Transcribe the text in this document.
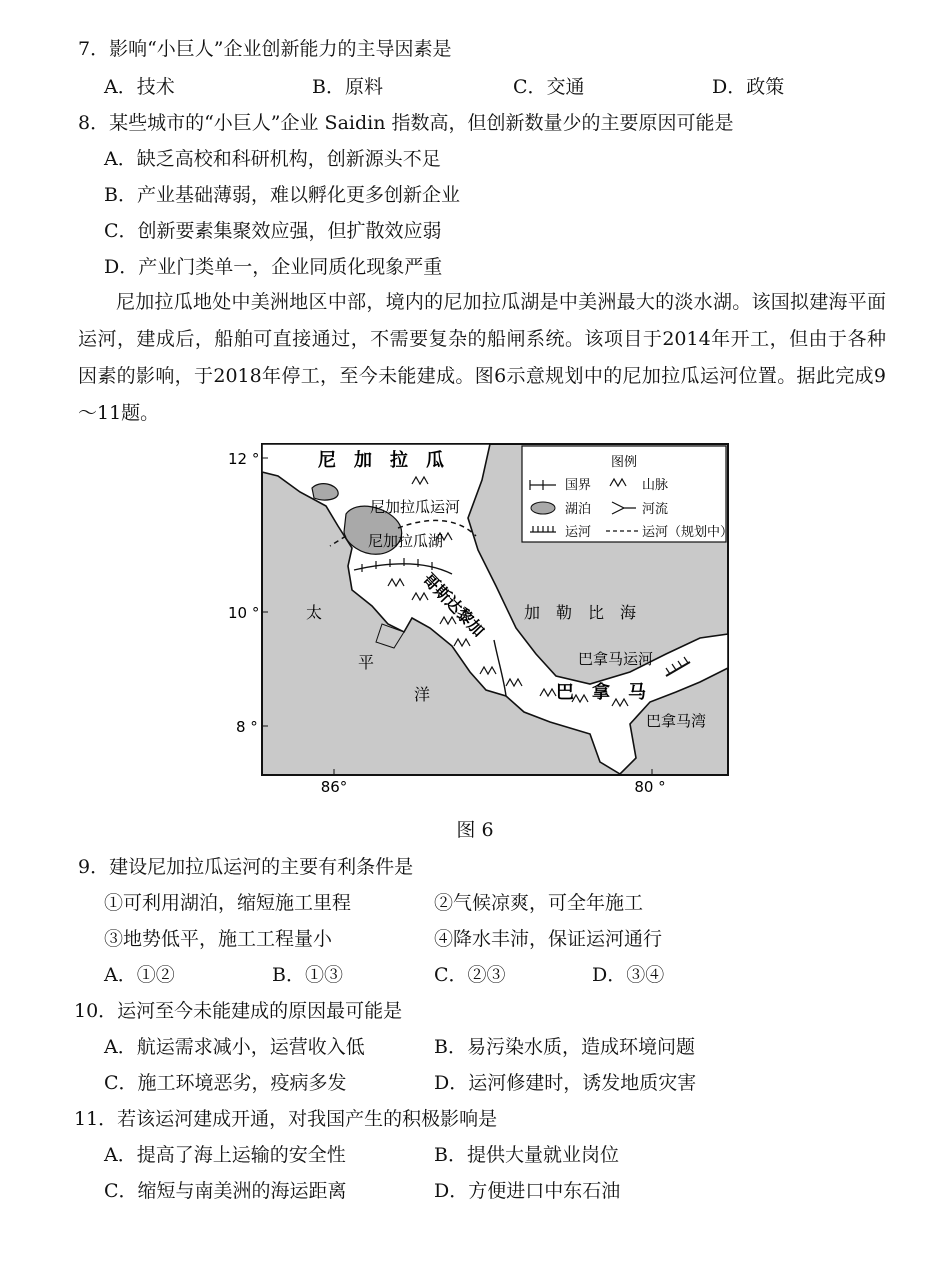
7．影响“小巨人”企业创新能力的主导因素是
A．技术	B．原料	C．交通	D．政策
8．某些城市的“小巨人”企业 Saidin 指数高，但创新数量少的主要原因可能是
A．缺乏高校和科研机构，创新源头不足
B．产业基础薄弱，难以孵化更多创新企业
C．创新要素集聚效应强，但扩散效应弱
D．产业门类单一，企业同质化现象严重
尼加拉瓜地处中美洲地区中部，境内的尼加拉瓜湖是中美洲最大的淡水湖。该国拟建海平面运河，建成后，船舶可直接通过，不需要复杂的船闸系统。该项目于2014年开工，但由于各种因素的影响，于2018年停工，至今未能建成。图6示意规划中的尼加拉瓜运河位置。据此完成9～11题。
图例
国界	山脉
湖泊	河流
运河	运河（规划中）
尼　加　拉　瓜
尼加拉瓜运河
尼加拉瓜湖
哥斯达黎加 加　勒　比　海
太
平
洋
巴拿马运河
巴　拿　马
巴拿马湾
12 °
10 °
8 °
86°	80 °
图 6
9．建设尼加拉瓜运河的主要有利条件是
①可利用湖泊，缩短施工里程	②气候凉爽，可全年施工
③地势低平，施工工程量小	④降水丰沛，保证运河通行
A．①②	B．①③	C．②③	D．③④
10．运河至今未能建成的原因最可能是
A．航运需求减小，运营收入低	B．易污染水质，造成环境问题
C．施工环境恶劣，疫病多发	D．运河修建时，诱发地质灾害
11．若该运河建成开通，对我国产生的积极影响是
A．提高了海上运输的安全性	B．提供大量就业岗位
C．缩短与南美洲的海运距离	D．方便进口中东石油
